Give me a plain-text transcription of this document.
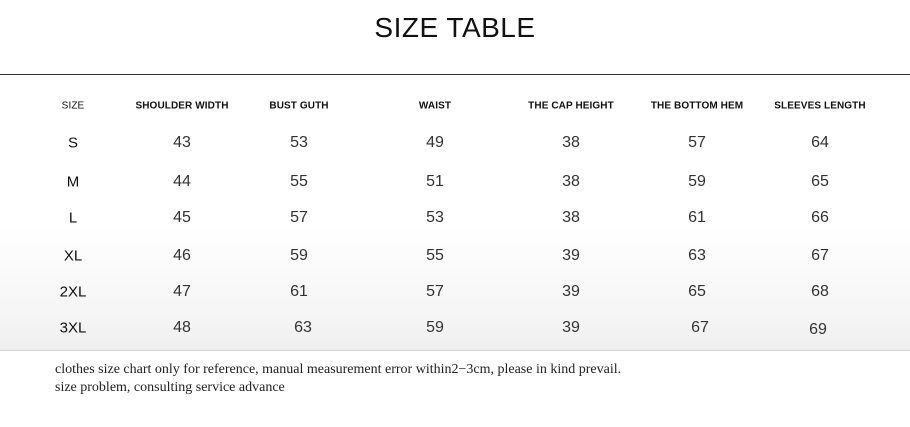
SIZE TABLE
SIZE	SHOULDER WIDTH	BUST GUTH	WAIST	THE CAP HEIGHT	THE BOTTOM HEM	SLEEVES LENGTH
S	43	53	49	38	57	64
M	44	55	51	38	59	65
L	45	57	53	38	61	66
XL	46	59	55	39	63	67
2XL	47	61	57	39	65	68
3XL	48	63	59	39	67	69
clothes size chart only for reference, manual measurement error within2−3cm, please in kind prevail.
size problem, consulting service advance
